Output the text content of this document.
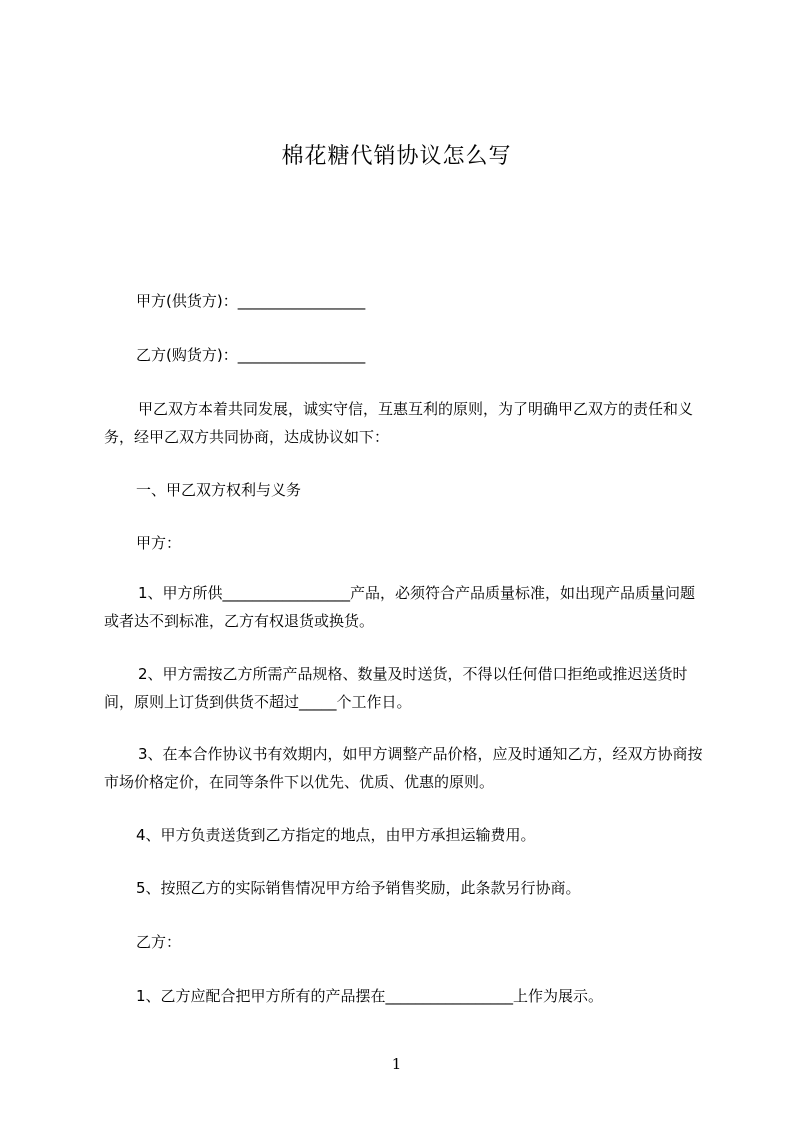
棉花糖代销协议怎么写

甲方(供货方)：_________________

乙方(购货方)：_________________

甲乙双方本着共同发展，诚实守信，互惠互利的原则，为了明确甲乙双方的责任和义务，经甲乙双方共同协商，达成协议如下：

一、甲乙双方权利与义务

甲方：

1、甲方所供_________________产品，必须符合产品质量标准，如出现产品质量问题或者达不到标准，乙方有权退货或换货。

2、甲方需按乙方所需产品规格、数量及时送货，不得以任何借口拒绝或推迟送货时间，原则上订货到供货不超过_____个工作日。

3、在本合作协议书有效期内，如甲方调整产品价格，应及时通知乙方，经双方协商按市场价格定价，在同等条件下以优先、优质、优惠的原则。

4、甲方负责送货到乙方指定的地点，由甲方承担运输费用。

5、按照乙方的实际销售情况甲方给予销售奖励，此条款另行协商。

乙方：

1、乙方应配合把甲方所有的产品摆在_________________上作为展示。

1
